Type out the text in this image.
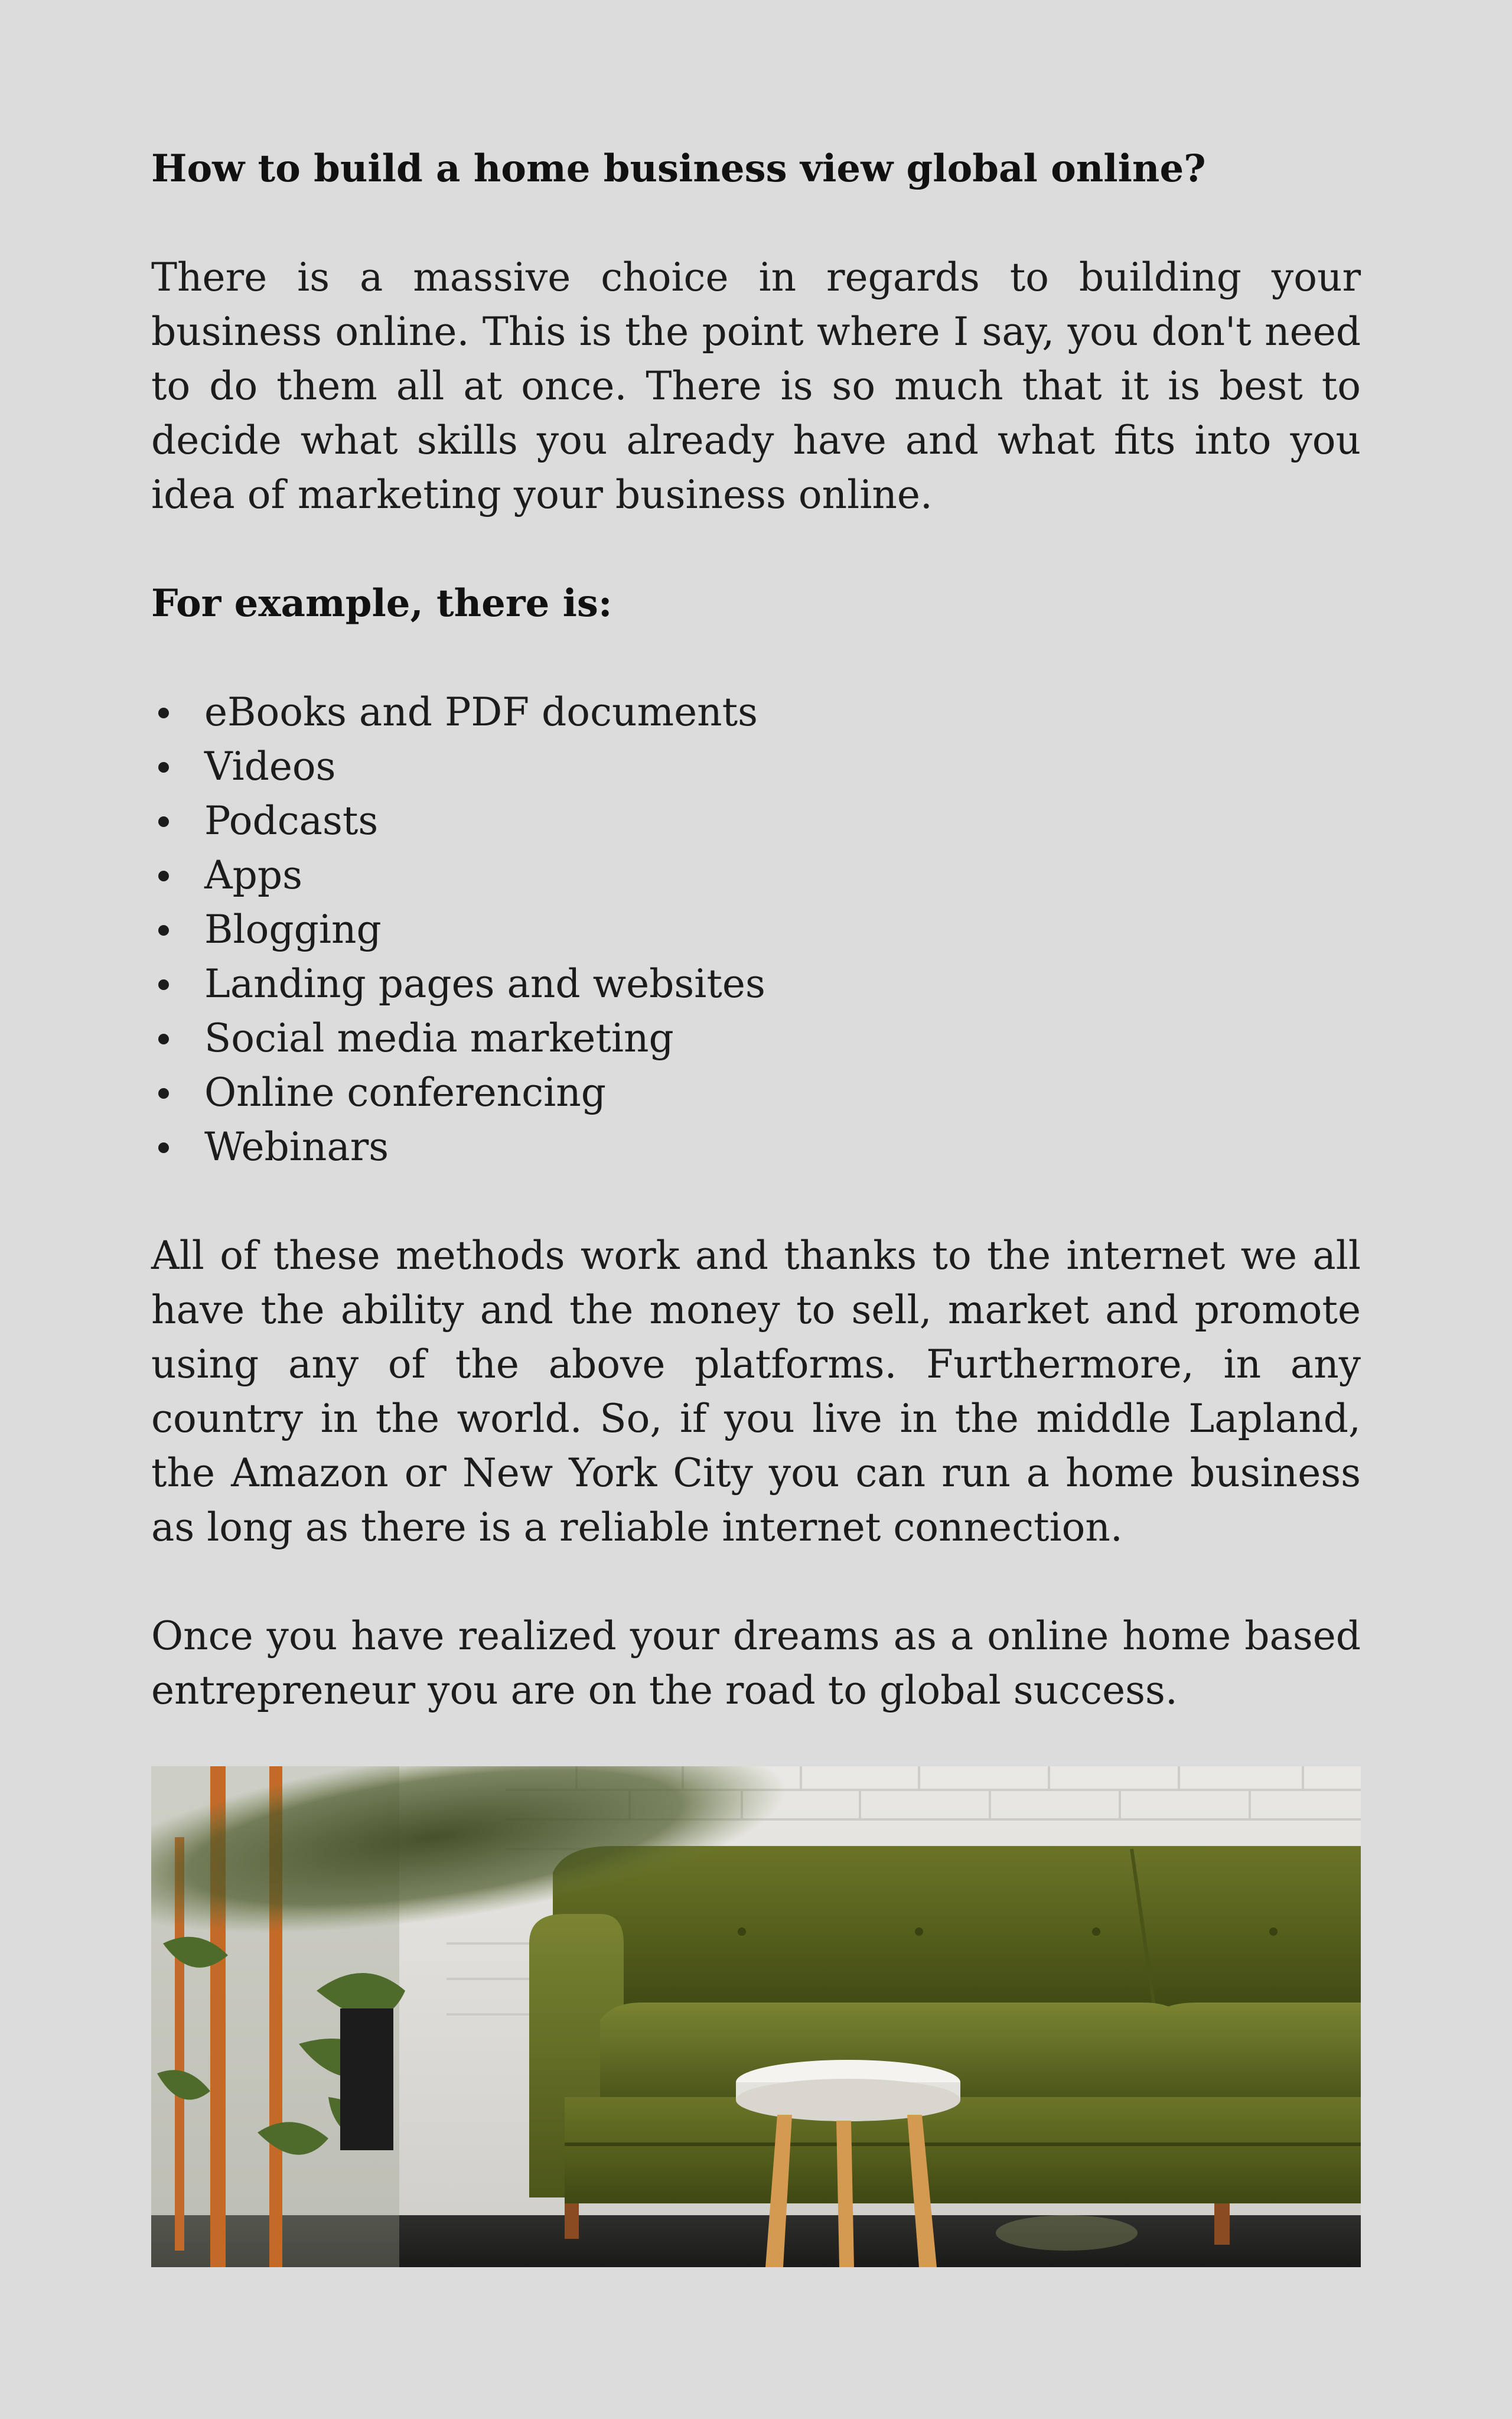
How to build a home business view global online?

There is a massive choice in regards to building your business online. This is the point where I say, you don't need to do them all at once. There is so much that it is best to decide what skills you already have and what fits into you idea of marketing your business online.

For example, there is:
eBooks and PDF documents
Videos
Podcasts
Apps
Blogging
Landing pages and websites
Social media marketing
Online conferencing
Webinars

All of these methods work and thanks to the internet we all have the ability and the money to sell, market and promote using any of the above platforms. Furthermore, in any country in the world. So, if you live in the middle Lapland, the Amazon or New York City you can run a home business as long as there is a reliable internet connection.

Once you have realized your dreams as a online home based entrepreneur you are on the road to global success.
